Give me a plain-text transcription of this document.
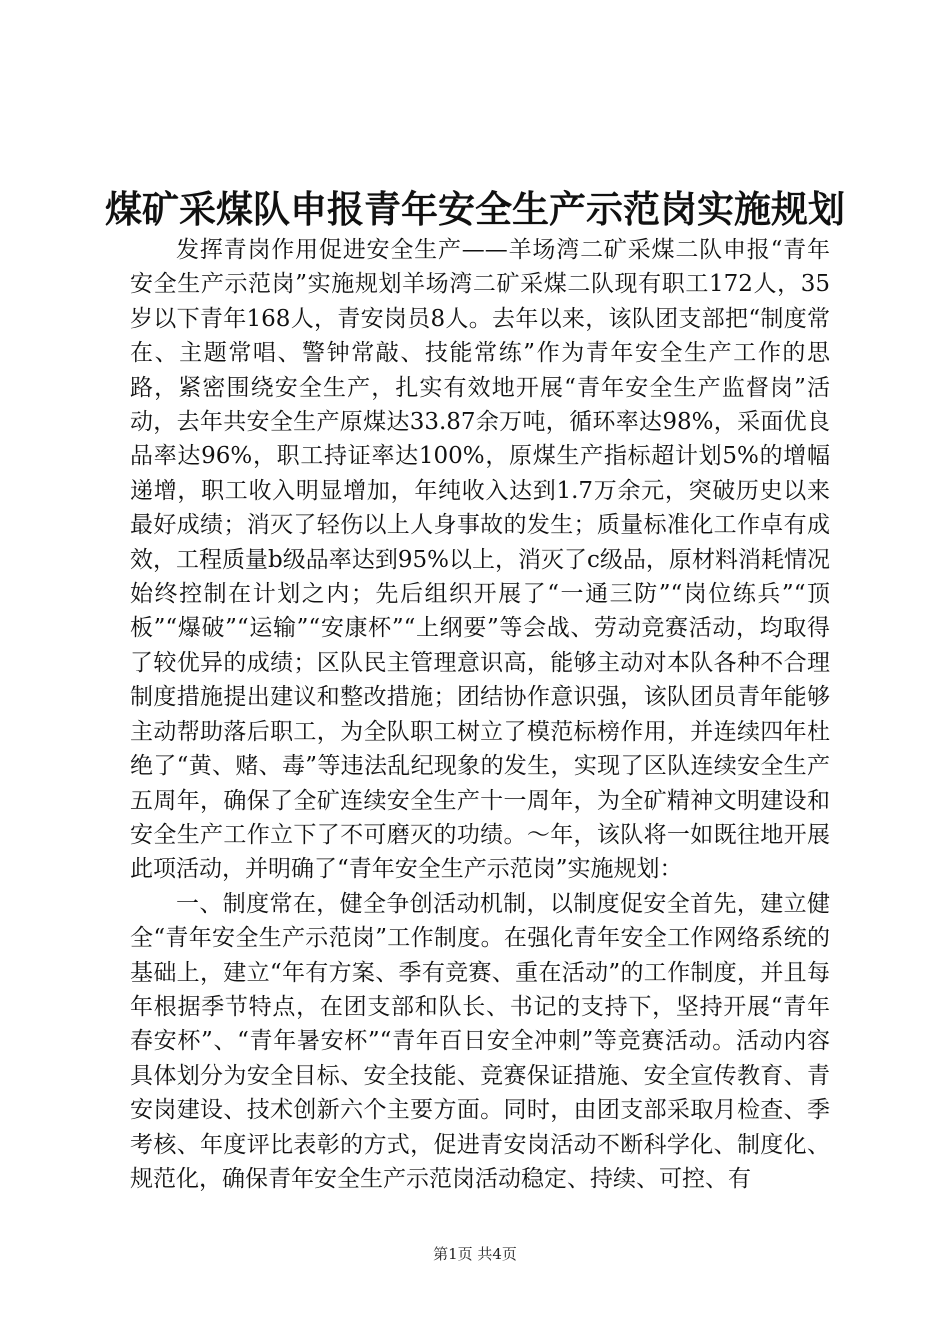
煤矿采煤队申报青年安全生产示范岗实施规划

发挥青岗作用促进安全生产——羊场湾二矿采煤二队申报“青年安全生产示范岗”实施规划羊场湾二矿采煤二队现有职工172人，35岁以下青年168人，青安岗员8人。去年以来，该队团支部把“制度常在、主题常唱、警钟常敲、技能常练”作为青年安全生产工作的思路，紧密围绕安全生产，扎实有效地开展“青年安全生产监督岗”活动，去年共安全生产原煤达33.87余万吨，循环率达98%，采面优良品率达96%，职工持证率达100%，原煤生产指标超计划5%的增幅递增，职工收入明显增加，年纯收入达到1.7万余元，突破历史以来最好成绩；消灭了轻伤以上人身事故的发生；质量标准化工作卓有成效，工程质量b级品率达到95%以上，消灭了c级品，原材料消耗情况始终控制在计划之内；先后组织开展了“一通三防”“岗位练兵”“顶板”“爆破”“运输”“安康杯”“上纲要”等会战、劳动竞赛活动，均取得了较优异的成绩；区队民主管理意识高，能够主动对本队各种不合理制度措施提出建议和整改措施；团结协作意识强，该队团员青年能够主动帮助落后职工，为全队职工树立了模范标榜作用，并连续四年杜绝了“黄、赌、毒”等违法乱纪现象的发生，实现了区队连续安全生产五周年，确保了全矿连续安全生产十一周年，为全矿精神文明建设和安全生产工作立下了不可磨灭的功绩。～年，该队将一如既往地开展此项活动，并明确了“青年安全生产示范岗”实施规划：

一、制度常在，健全争创活动机制，以制度促安全首先，建立健全“青年安全生产示范岗”工作制度。在强化青年安全工作网络系统的基础上，建立“年有方案、季有竞赛、重在活动”的工作制度，并且每年根据季节特点，在团支部和队长、书记的支持下，坚持开展“青年春安杯”、“青年暑安杯”“青年百日安全冲刺”等竞赛活动。活动内容具体划分为安全目标、安全技能、竞赛保证措施、安全宣传教育、青安岗建设、技术创新六个主要方面。同时，由团支部采取月检查、季考核、年度评比表彰的方式，促进青安岗活动不断科学化、制度化、规范化，确保青年安全生产示范岗活动稳定、持续、可控、有

第1页 共4页
